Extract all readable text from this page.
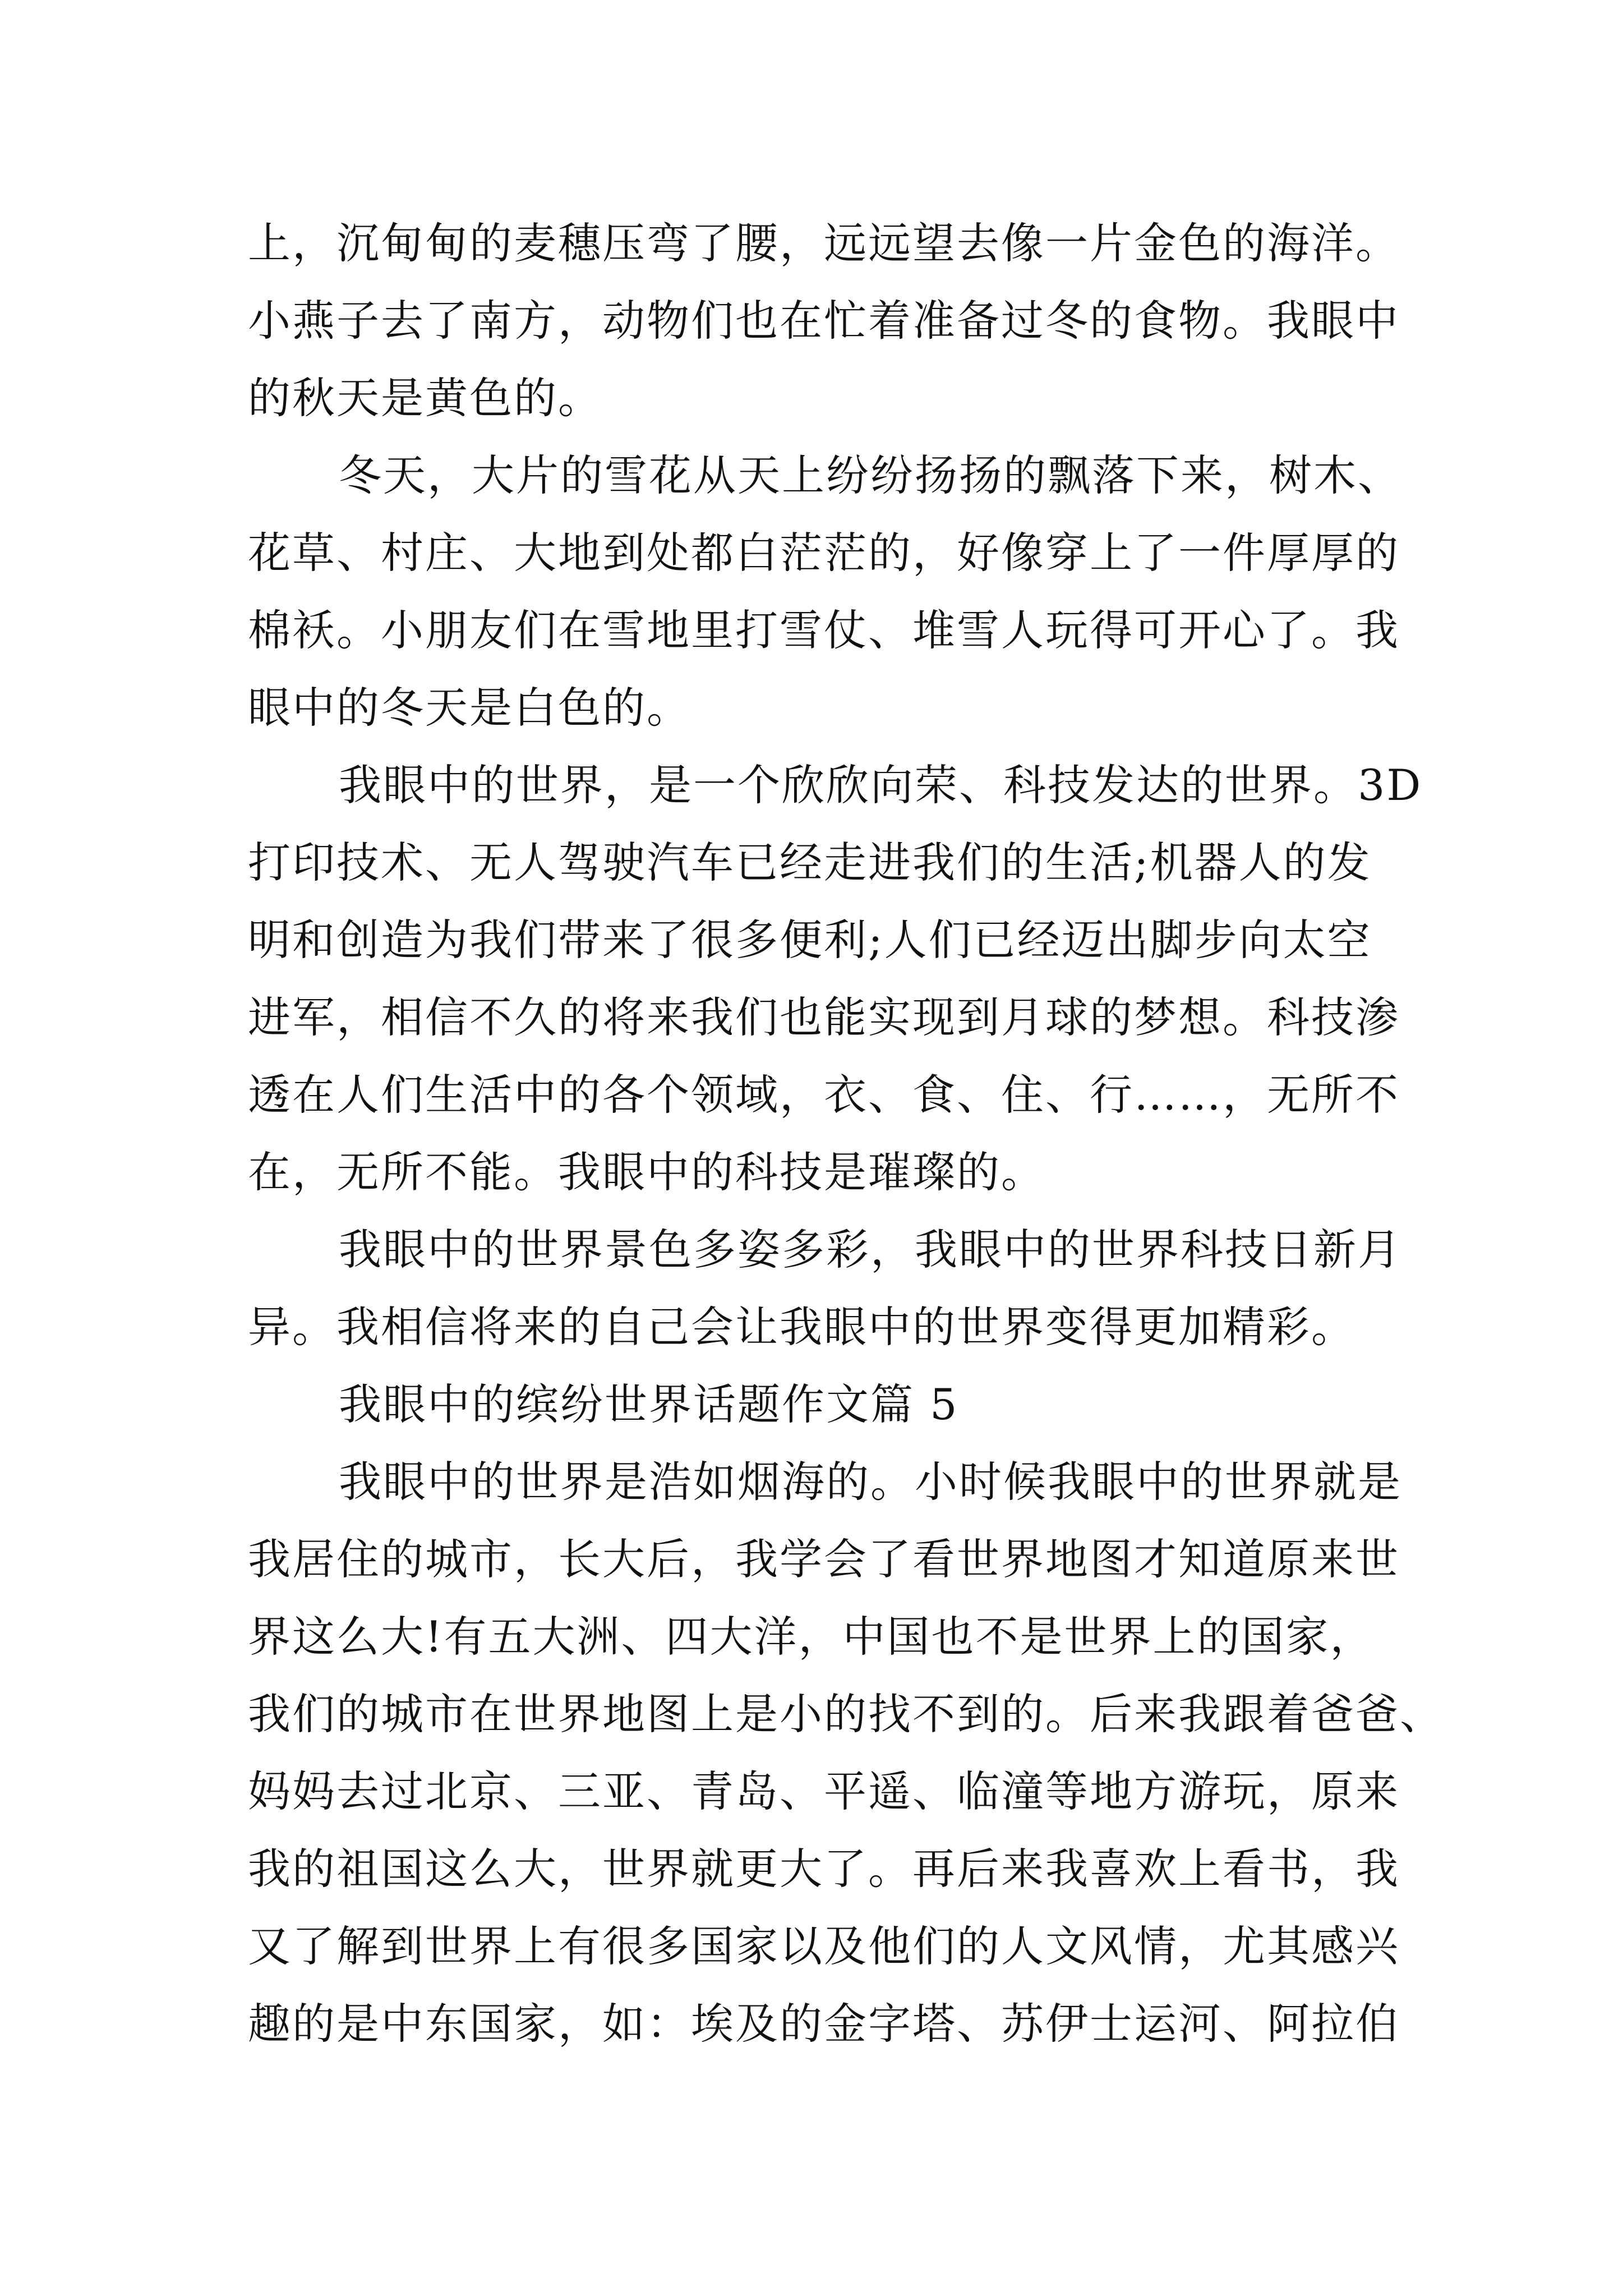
上，沉甸甸的麦穗压弯了腰，远远望去像一片金色的海洋。
小燕子去了南方，动物们也在忙着准备过冬的食物。我眼中
的秋天是黄色的。

冬天，大片的雪花从天上纷纷扬扬的飘落下来，树木、
花草、村庄、大地到处都白茫茫的，好像穿上了一件厚厚的
棉袄。小朋友们在雪地里打雪仗、堆雪人玩得可开心了。我
眼中的冬天是白色的。

我眼中的世界，是一个欣欣向荣、科技发达的世界。3D
打印技术、无人驾驶汽车已经走进我们的生活;机器人的发
明和创造为我们带来了很多便利;人们已经迈出脚步向太空
进军，相信不久的将来我们也能实现到月球的梦想。科技渗
透在人们生活中的各个领域，衣、食、住、行……，无所不
在，无所不能。我眼中的科技是璀璨的。

我眼中的世界景色多姿多彩，我眼中的世界科技日新月
异。我相信将来的自己会让我眼中的世界变得更加精彩。

我眼中的缤纷世界话题作文篇 5

我眼中的世界是浩如烟海的。小时候我眼中的世界就是
我居住的城市，长大后，我学会了看世界地图才知道原来世
界这么大!有五大洲、四大洋，中国也不是世界上的国家，
我们的城市在世界地图上是小的找不到的。后来我跟着爸爸、
妈妈去过北京、三亚、青岛、平遥、临潼等地方游玩，原来
我的祖国这么大，世界就更大了。再后来我喜欢上看书，我
又了解到世界上有很多国家以及他们的人文风情，尤其感兴
趣的是中东国家，如：埃及的金字塔、苏伊士运河、阿拉伯
